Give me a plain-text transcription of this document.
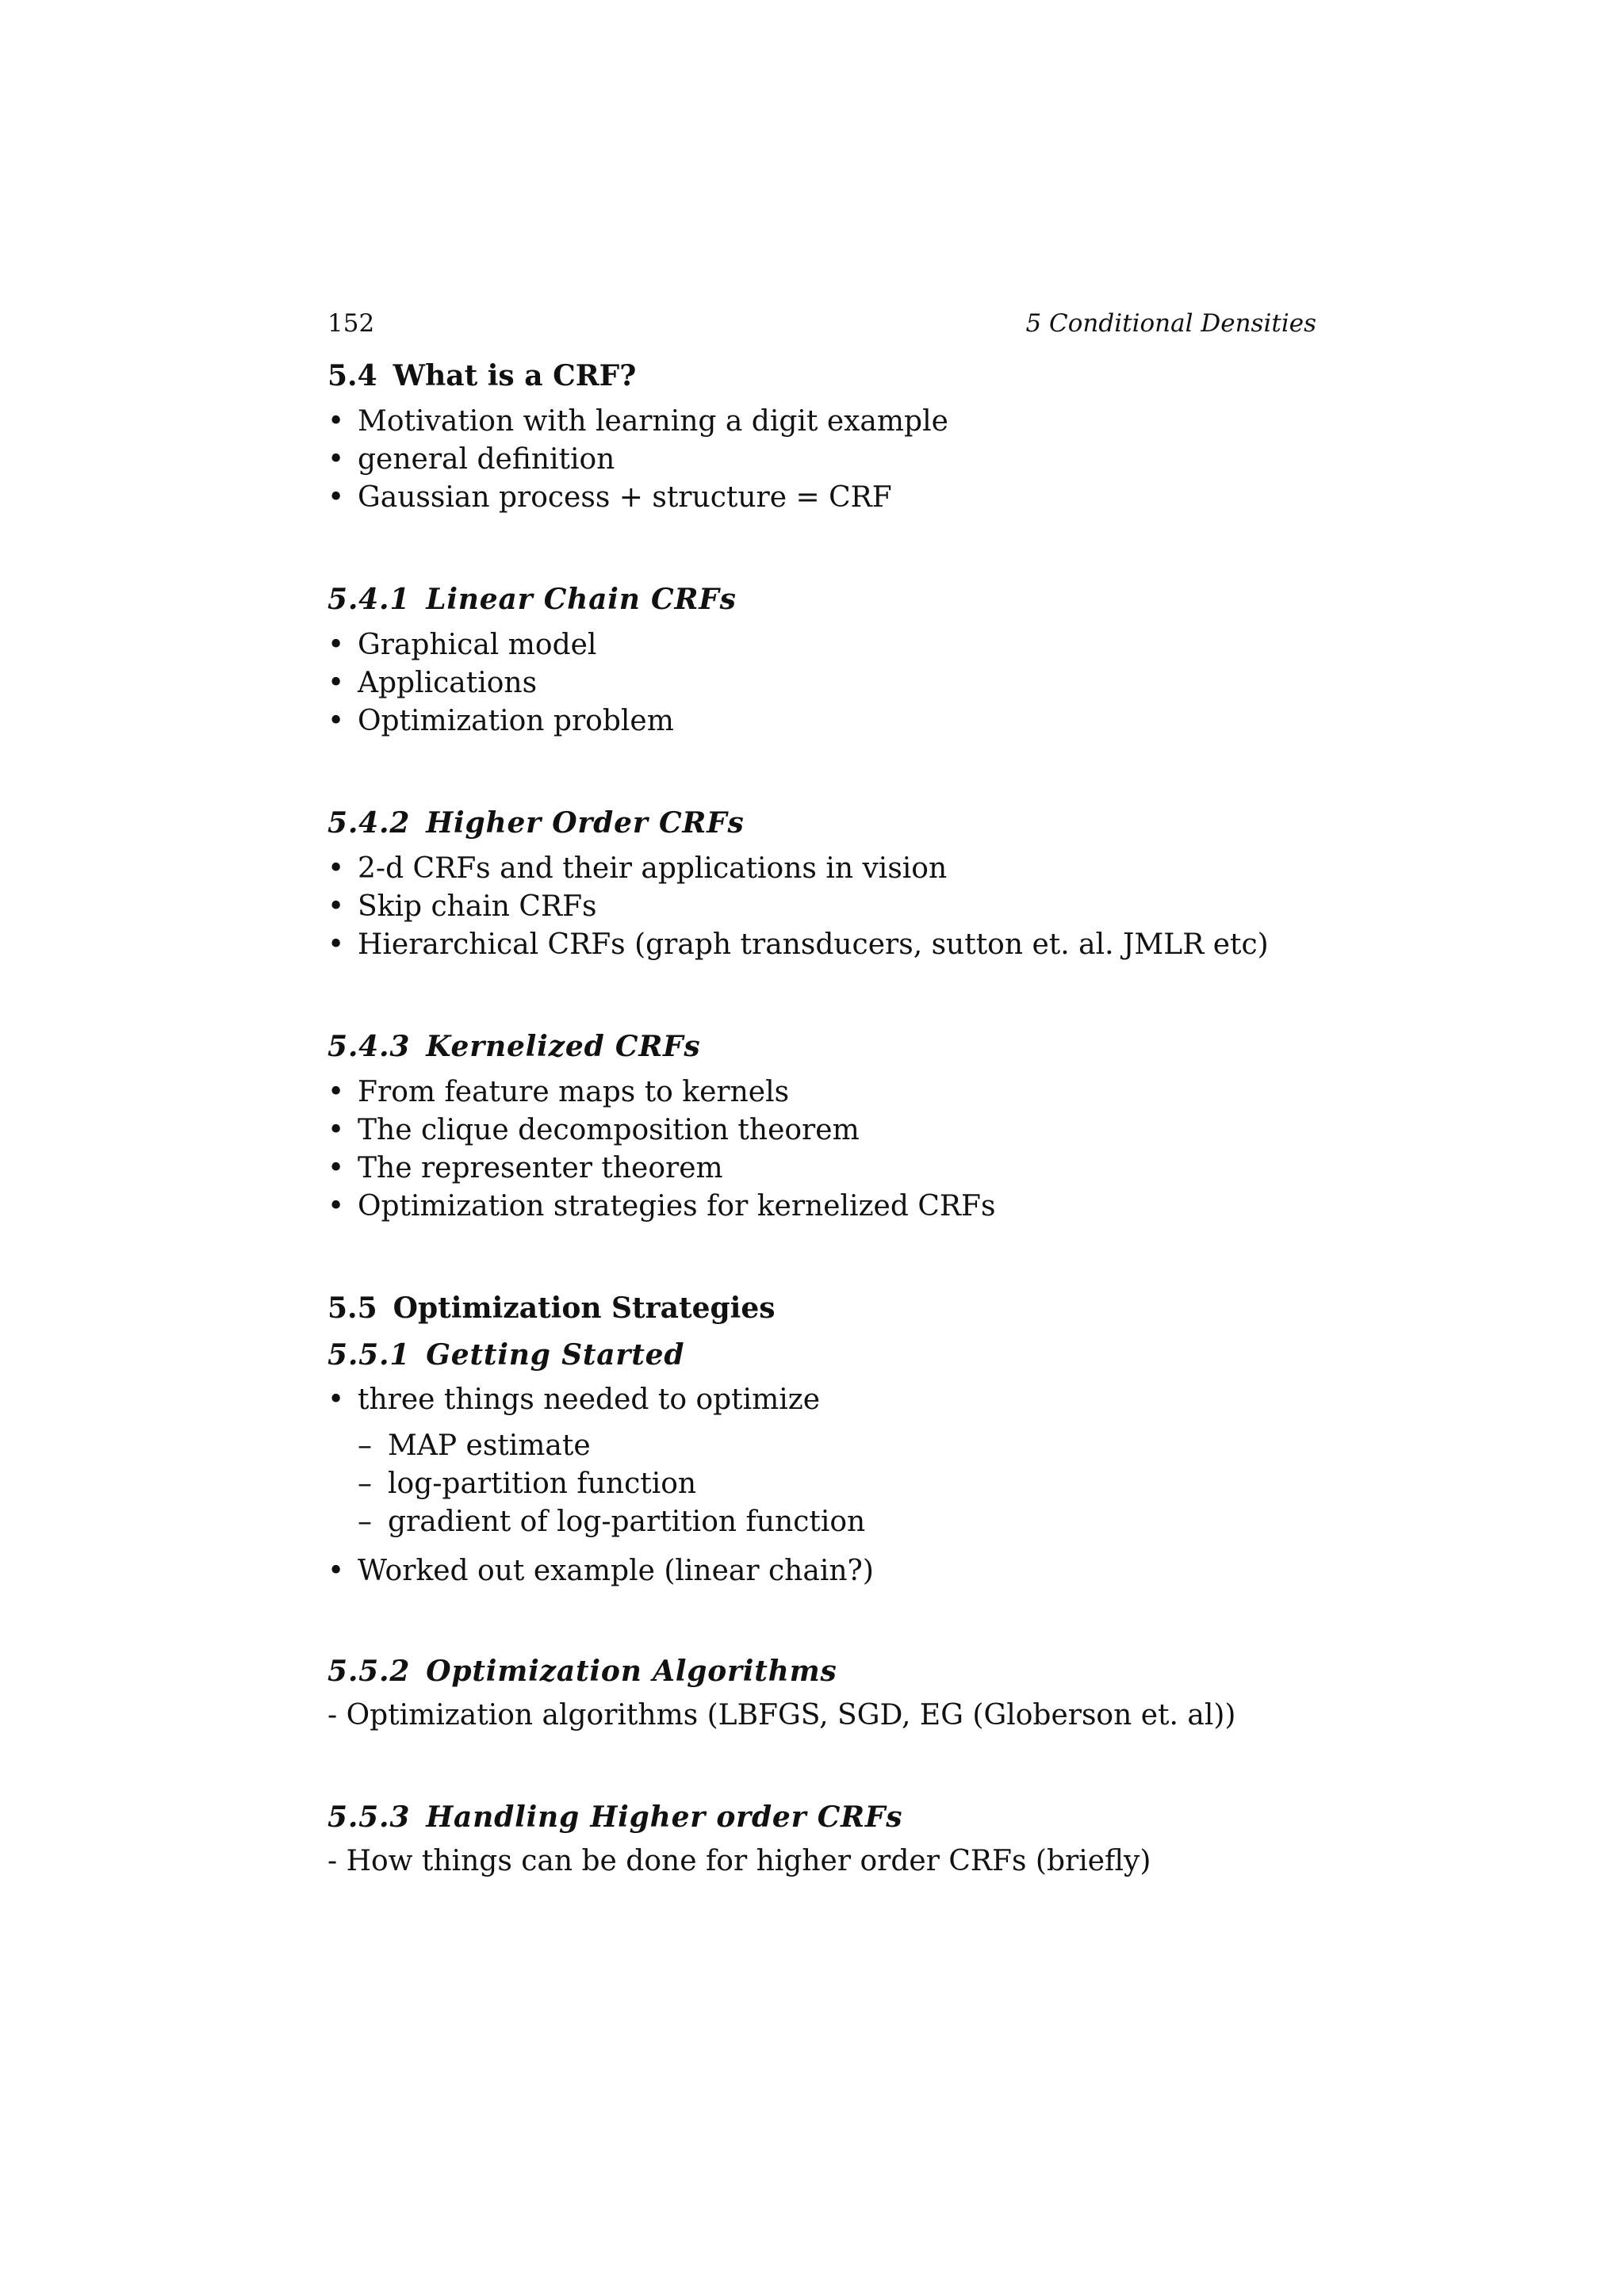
152	5 Conditional Densities
5.4 What is a CRF?
• Motivation with learning a digit example
• general definition
• Gaussian process + structure = CRF
5.4.1 Linear Chain CRFs
• Graphical model
• Applications
• Optimization problem
5.4.2 Higher Order CRFs
• 2-d CRFs and their applications in vision
• Skip chain CRFs
• Hierarchical CRFs (graph transducers, sutton et. al. JMLR etc)
5.4.3 Kernelized CRFs
• From feature maps to kernels
• The clique decomposition theorem
• The representer theorem
• Optimization strategies for kernelized CRFs
5.5 Optimization Strategies
5.5.1 Getting Started
• three things needed to optimize
– MAP estimate
– log-partition function
– gradient of log-partition function
• Worked out example (linear chain?)
5.5.2 Optimization Algorithms

- Optimization algorithms (LBFGS, SGD, EG (Globerson et. al))

5.5.3 Handling Higher order CRFs

- How things can be done for higher order CRFs (briefly)
